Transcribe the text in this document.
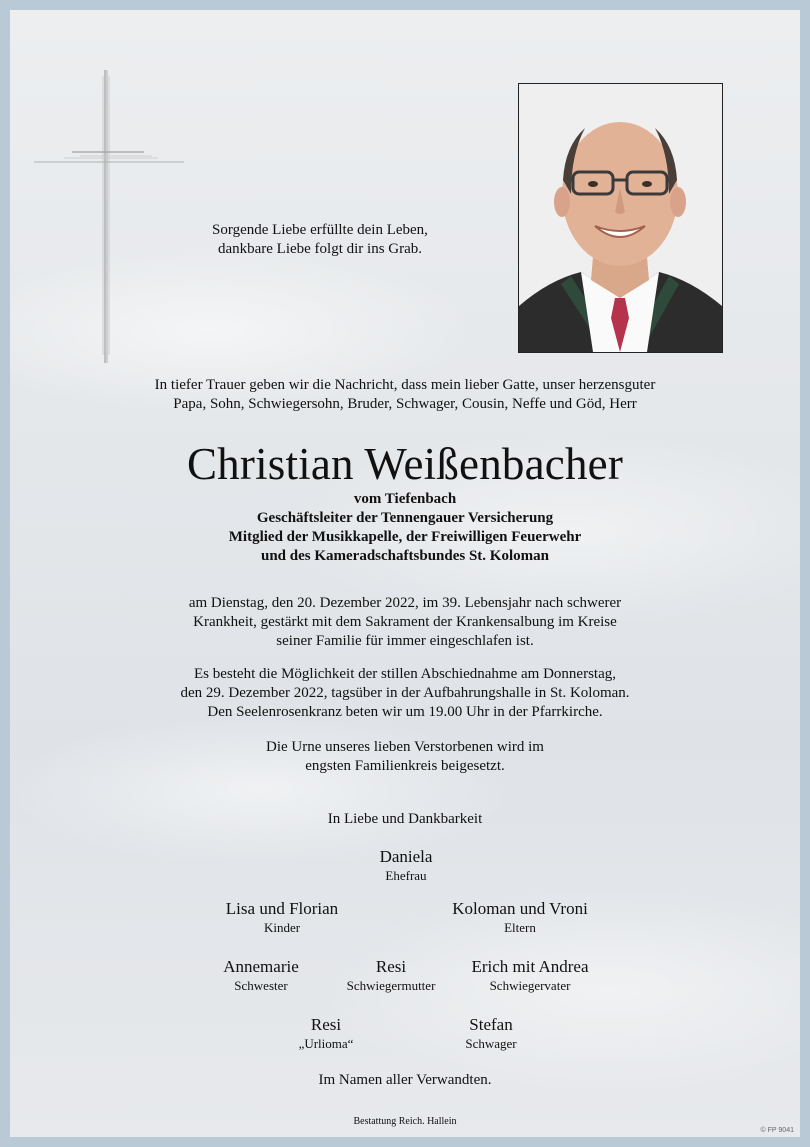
Sorgende Liebe erfüllte dein Leben,
dankbare Liebe folgt dir ins Grab.
In tiefer Trauer geben wir die Nachricht, dass mein lieber Gatte, unser herzensguter
Papa, Sohn, Schwiegersohn, Bruder, Schwager, Cousin, Neffe und Göd, Herr
Christian Weißenbacher
vom Tiefenbach
Geschäftsleiter der Tennengauer Versicherung
Mitglied der Musikkapelle, der Freiwilligen Feuerwehr
und des Kameradschaftsbundes St. Koloman
am Dienstag, den 20. Dezember 2022, im 39. Lebensjahr nach schwerer
Krankheit, gestärkt mit dem Sakrament der Krankensalbung im Kreise
seiner Familie für immer eingeschlafen ist.
Es besteht die Möglichkeit der stillen Abschiednahme am Donnerstag,
den 29. Dezember 2022, tagsüber in der Aufbahrungshalle in St. Koloman.
Den Seelenrosenkranz beten wir um 19.00 Uhr in der Pfarrkirche.
Die Urne unseres lieben Verstorbenen wird im
engsten Familienkreis beigesetzt.
In Liebe und Dankbarkeit
Daniela
Ehefrau
Lisa und Florian
Kinder
Koloman und Vroni
Eltern
Annemarie
Schwester
Resi
Schwiegermutter
Erich mit Andrea
Schwiegervater
Resi
„Urlioma“
Stefan
Schwager
Im Namen aller Verwandten.
Bestattung Reich. Hallein
© FP 9041
